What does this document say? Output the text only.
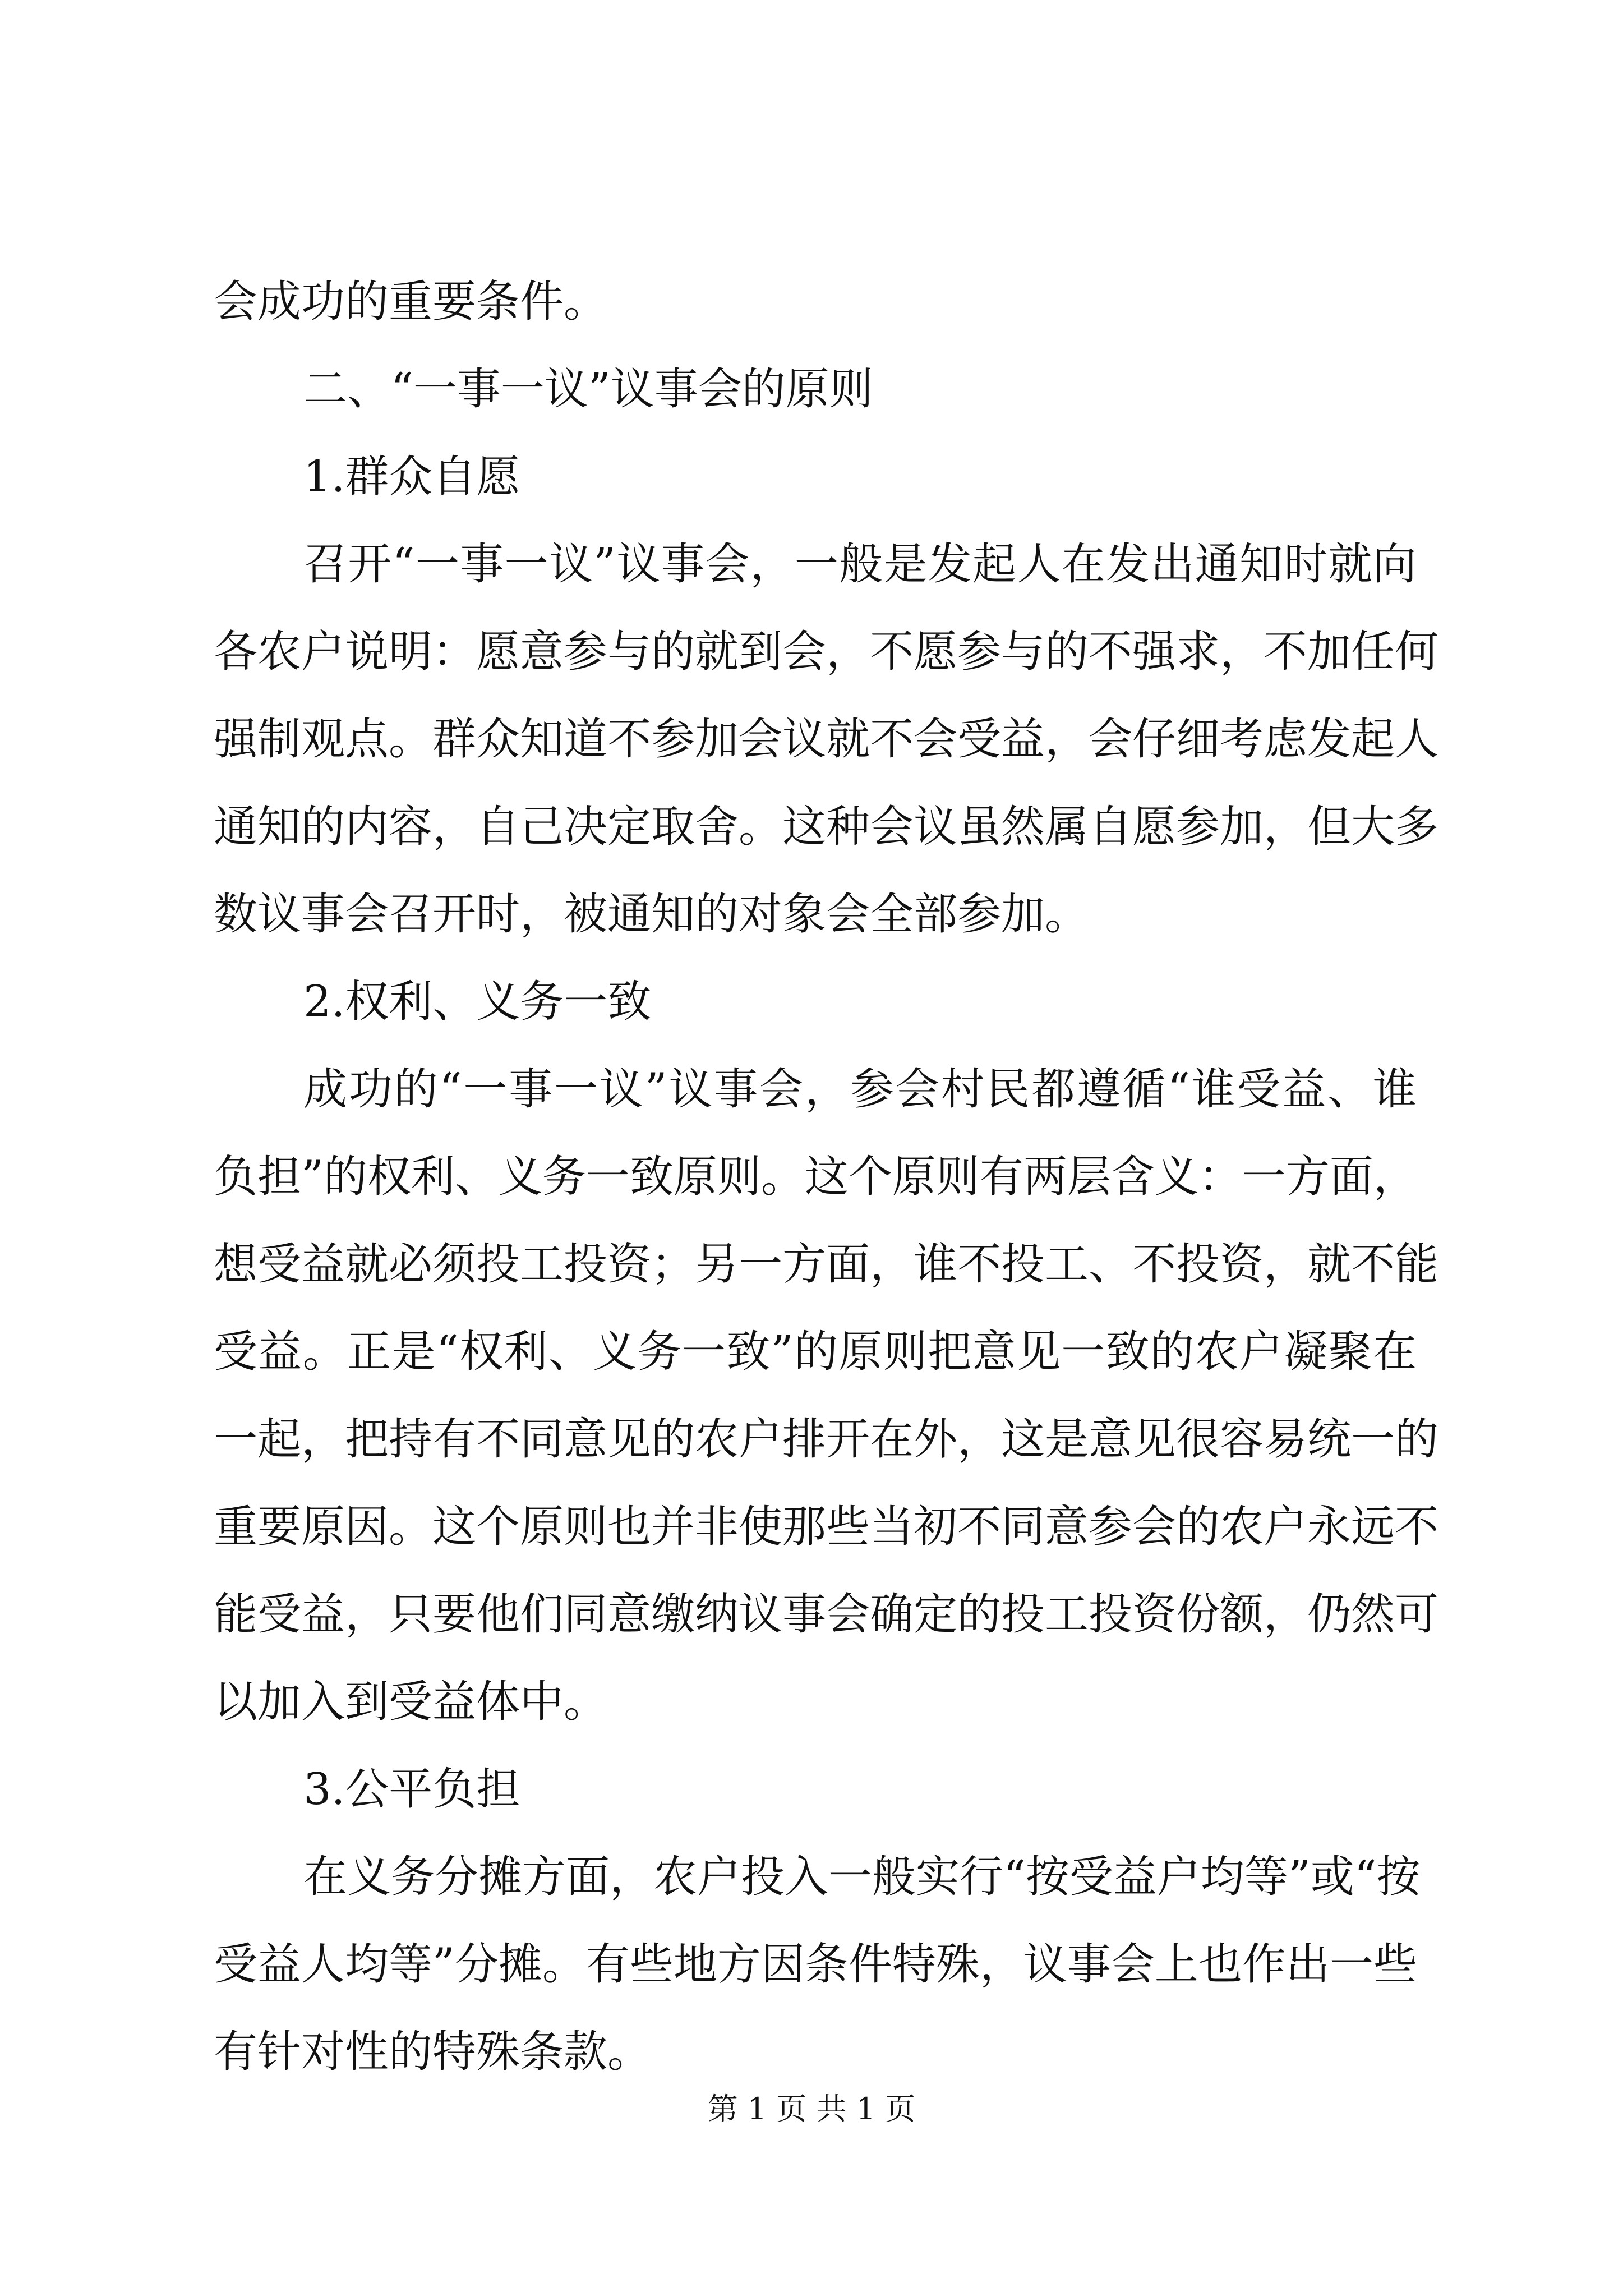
会成功的重要条件。
二、“一事一议”议事会的原则
1.群众自愿
召开“一事一议”议事会，一般是发起人在发出通知时就向
各农户说明：愿意参与的就到会，不愿参与的不强求，不加任何
强制观点。群众知道不参加会议就不会受益，会仔细考虑发起人
通知的内容，自己决定取舍。这种会议虽然属自愿参加，但大多
数议事会召开时，被通知的对象会全部参加。
2.权利、义务一致
成功的“一事一议”议事会，参会村民都遵循“谁受益、谁
负担”的权利、义务一致原则。这个原则有两层含义：一方面，
想受益就必须投工投资；另一方面，谁不投工、不投资，就不能
受益。正是“权利、义务一致”的原则把意见一致的农户凝聚在
一起，把持有不同意见的农户排开在外，这是意见很容易统一的
重要原因。这个原则也并非使那些当初不同意参会的农户永远不
能受益，只要他们同意缴纳议事会确定的投工投资份额，仍然可
以加入到受益体中。
3.公平负担
在义务分摊方面，农户投入一般实行“按受益户均等”或“按
受益人均等”分摊。有些地方因条件特殊，议事会上也作出一些
有针对性的特殊条款。
第 1 页 共 1 页
